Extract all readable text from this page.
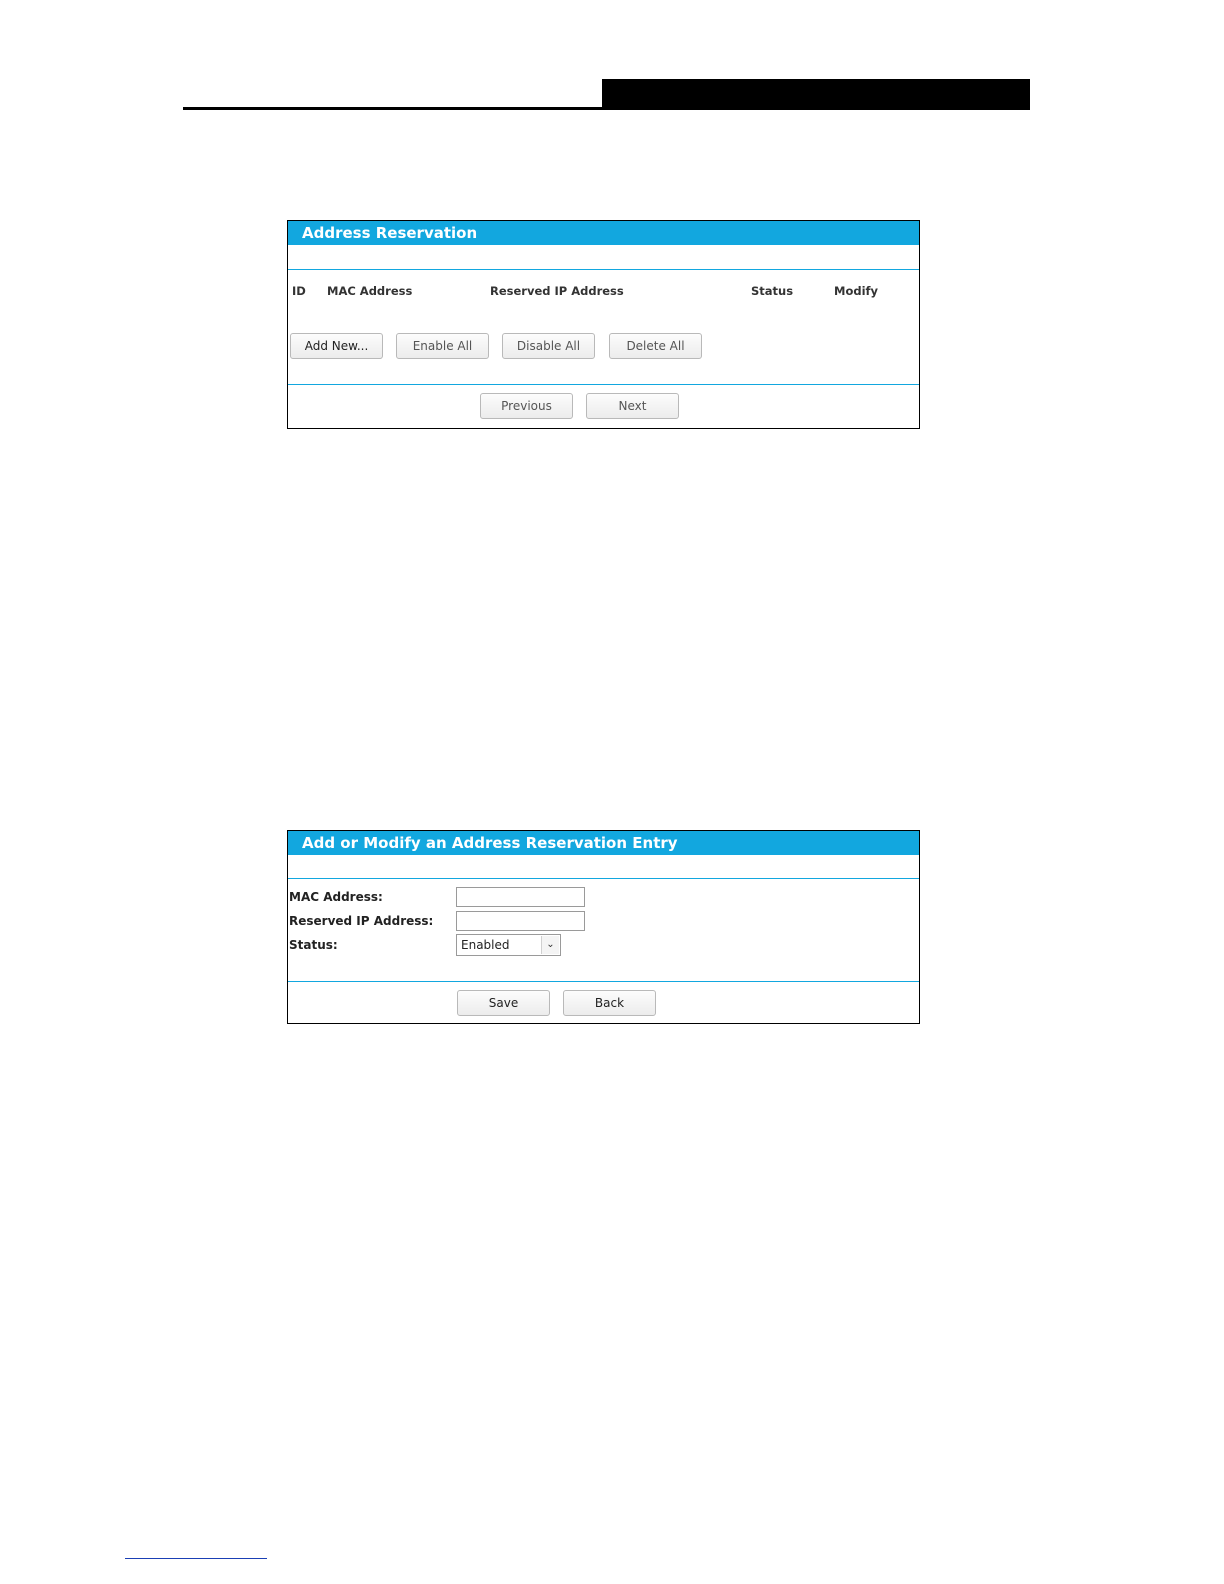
Address Reservation
ID MAC Address	Reserved IP Address	Status	Modify
Add New...	Enable All	Disable All	Delete All
Previous	Next
Add or Modify an Address Reservation Entry
MAC Address:
Reserved IP Address:
Status:	Enabled	⌄
Save	Back
